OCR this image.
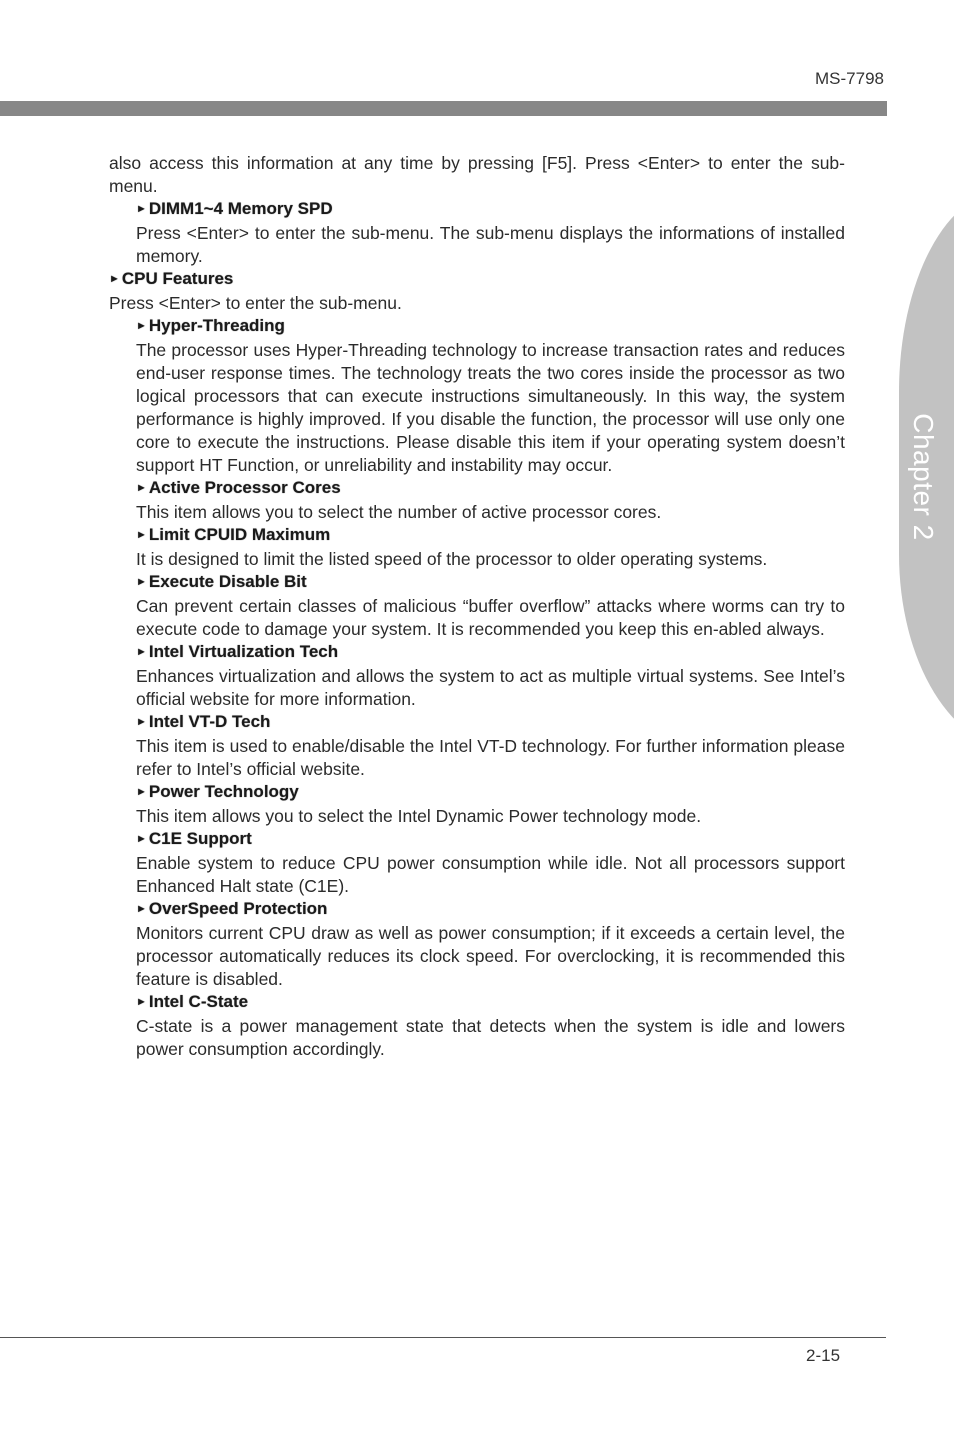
MS-7798
Chapter 2

also access this information at any time by pressing [F5]. Press <Enter> to enter the sub-menu.

► DIMM1~4 Memory SPD

Press <Enter> to enter the sub-menu. The sub-menu displays the informations of installed memory.

► CPU Features

Press <Enter> to enter the sub-menu.

► Hyper-Threading

The processor uses Hyper-Threading technology to increase transaction rates and reduces end-user response times. The technology treats the two cores inside the processor as two logical processors that can execute instructions simultaneously. In this way, the system performance is highly improved. If you disable the function, the processor will use only one core to execute the instructions. Please disable this item if your operating system doesn’t support HT Function, or unreliability and instability may occur.

► Active Processor Cores

This item allows you to select the number of active processor cores.

► Limit CPUID Maximum

It is designed to limit the listed speed of the processor to older operating systems.

► Execute Disable Bit

Can prevent certain classes of malicious “buffer overflow” attacks where worms can try to execute code to damage your system. It is recommended you keep this en-abled always.

► Intel Virtualization Tech

Enhances virtualization and allows the system to act as multiple virtual systems. See Intel’s official website for more information.

► Intel VT-D Tech

This item is used to enable/disable the Intel VT-D technology. For further information please refer to Intel’s official website.

► Power Technology

This item allows you to select the Intel Dynamic Power technology mode.

► C1E Support

Enable system to reduce CPU power consumption while idle. Not all processors support Enhanced Halt state (C1E).

► OverSpeed Protection

Monitors current CPU draw as well as power consumption; if it exceeds a certain level, the processor automatically reduces its clock speed. For overclocking, it is recommended this feature is disabled.

► Intel C-State

C-state is a power management state that detects when the system is idle and lowers power consumption accordingly.

2-15
